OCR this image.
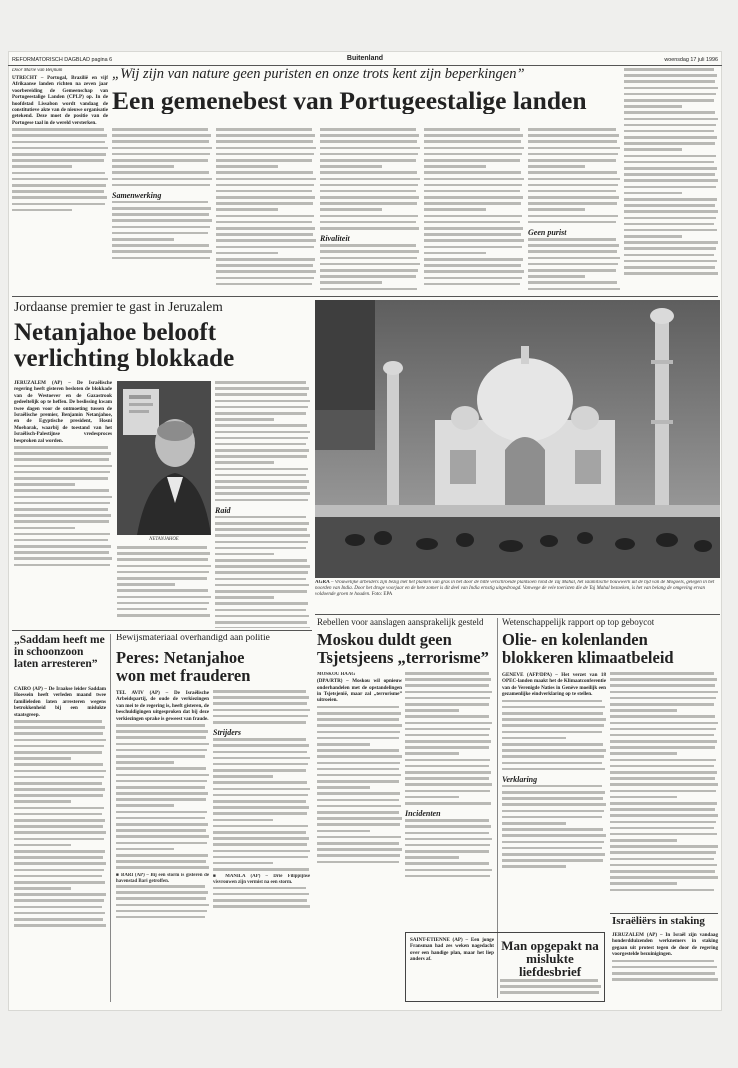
REFORMATORISCH DAGBLAD pagina 6	Buitenland	woensdag 17 juli 1996
„Wij zijn van nature geen puristen en onze trots kent zijn beperkingen”
Een gemenebest van Portugeestalige landen
Door Marie van Beijnum
UTRECHT – Portugal, Brazilië en vijf Afrikaanse landen richten na zeven jaar voorbereiding de Gemeenschap van Portugeestalige Landen (CPLP) op. In de hoofdstad Lissabon wordt vandaag de constitutieve akte van de nieuwe organisatie getekend. Deze moet de positie van de Portugese taal in de wereld versterken.
Samenwerking
Rivaliteit
Geen purist
Jordaanse premier te gast in Jeruzalem
Netanjahoe belooft
verlichting blokkade
JERUZALEM (AP) – De Israëlische regering heeft gisteren besloten de blokkade van de Westoever en de Gazastrook gedeeltelijk op te heffen. De beslissing kwam twee dagen voor de ontmoeting tussen de Israëlische premier, Benjamin Netanjahoe, en de Egyptische president, Hosni Moebarak, waarbij de toestand van het Israëlisch-Palestijnse vredesproces besproken zal worden.
NETANJAHOE
Raid
AGRA – Vrouwelijke arbeiders zijn bezig met het planten van gras in het door de hitte verschroeide plantsoen rond de Taj Mahal, het islamitische bouwwerk uit de tijd van de Mogoels, gelegen in het noorden van India. Door het droge voorjaar en de hete zomer is dit deel van India ernstig uitgedroogd. Vanwege de vele toeristen die de Taj Mahal bezoeken, is het van belang de omgeving ervan voldoende groen te houden. Foto: EPA
Rebellen voor aanslagen aansprakelijk gesteld
Moskou duldt geen
Tsjetsjeens „terrorisme”
MOSKOU HAAG
(DPA/RTR) – Moskou wil opnieuw onderhandelen met de opstandelingen in Tsjetsjenië, maar zal „terrorisme” uitroeien.
Incidenten
Wetenschappelijk rapport op top geboycot
Olie- en kolenlanden
blokkeren klimaatbeleid
GENÈVE (AFP/DPA) – Het verzet van 18 OPEC-landen maakt het de Klimaatconferentie van de Verenigde Naties in Genève moeilijk een gezamenlijke eindverklaring op te stellen.
Verklaring
„Saddam heeft me in schoonzoon laten arresteren”
CAIRO (AP) – De Iraakse leider Saddam Hoessein heeft verleden maand twee familieleden laten arresteren wegens betrokkenheid bij een mislukte staatsgreep.
Bewijsmateriaal overhandigd aan politie
Peres: Netanjahoe
won met frauderen
TEL AVIV (AP) – De Israëlische Arbeidspartij, de oude de verkiezingen van mei te de regering is, heeft gisteren, de beschuldigingen uitgesproken dat bij deze verkiezingen sprake is geweest van fraude.
■ BARI (AP) – Bij een storm is gisteren de havenstad Bari getroffen.
Strijders
■ MANILA (AP) – Drie Filippijnse visvrouwen zijn vermist na een storm.
SAINT-ÉTIENNE (AP) – Een jonge Fransman had zes weken nagedacht over een handige plan, maar het liep anders af.
Man opgepakt na mislukte liefdesbrief
Israëliërs in staking
JERUZALEM (AP) – In Israël zijn vandaag honderdduizenden werknemers in staking gegaan uit protest tegen de door de regering voorgestelde bezuinigingen.
